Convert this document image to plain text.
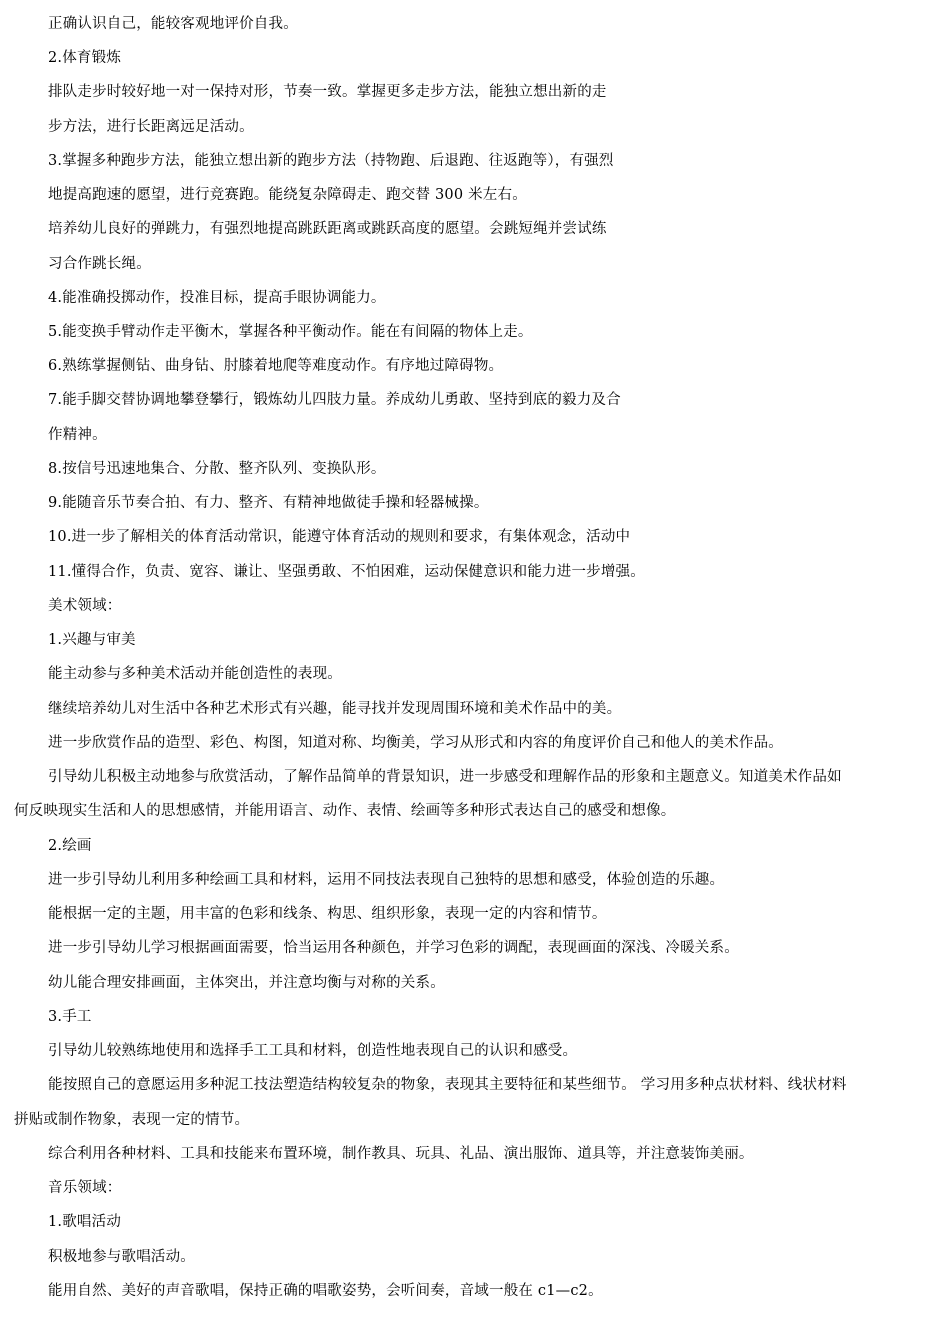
正确认识自己，能较客观地评价自我。
2.体育锻炼
排队走步时较好地一对一保持对形，节奏一致。掌握更多走步方法，能独立想出新的走
步方法，进行长距离远足活动。
3.掌握多种跑步方法，能独立想出新的跑步方法（持物跑、后退跑、往返跑等），有强烈
地提高跑速的愿望，进行竞赛跑。能绕复杂障碍走、跑交替 300 米左右。
培养幼儿良好的弹跳力，有强烈地提高跳跃距离或跳跃高度的愿望。会跳短绳并尝试练
习合作跳长绳。
4.能准确投掷动作，投准目标，提高手眼协调能力。
5.能变换手臂动作走平衡木，掌握各种平衡动作。能在有间隔的物体上走。
6.熟练掌握侧钻、曲身钻、肘膝着地爬等难度动作。有序地过障碍物。
7.能手脚交替协调地攀登攀行，锻炼幼儿四肢力量。养成幼儿勇敢、坚持到底的毅力及合
作精神。
8.按信号迅速地集合、分散、整齐队列、变换队形。
9.能随音乐节奏合拍、有力、整齐、有精神地做徒手操和轻器械操。
10.进一步了解相关的体育活动常识，能遵守体育活动的规则和要求，有集体观念，活动中
11.懂得合作，负责、宽容、谦让、坚强勇敢、不怕困难，运动保健意识和能力进一步增强。
美术领域：
1.兴趣与审美
能主动参与多种美术活动并能创造性的表现。
继续培养幼儿对生活中各种艺术形式有兴趣，能寻找并发现周围环境和美术作品中的美。
进一步欣赏作品的造型、彩色、构图，知道对称、均衡美，学习从形式和内容的角度评价自己和他人的美术作品。
引导幼儿积极主动地参与欣赏活动，了解作品简单的背景知识，进一步感受和理解作品的形象和主题意义。知道美术作品如
何反映现实生活和人的思想感情，并能用语言、动作、表情、绘画等多种形式表达自己的感受和想像。
2.绘画
进一步引导幼儿利用多种绘画工具和材料，运用不同技法表现自己独特的思想和感受，体验创造的乐趣。
能根据一定的主题，用丰富的色彩和线条、构思、组织形象，表现一定的内容和情节。
进一步引导幼儿学习根据画面需要，恰当运用各种颜色，并学习色彩的调配，表现画面的深浅、冷暖关系。
幼儿能合理安排画面，主体突出，并注意均衡与对称的关系。
3.手工
引导幼儿较熟练地使用和选择手工工具和材料，创造性地表现自己的认识和感受。
能按照自己的意愿运用多种泥工技法塑造结构较复杂的物象，表现其主要特征和某些细节。 学习用多种点状材料、线状材料
拼贴或制作物象，表现一定的情节。
综合利用各种材料、工具和技能来布置环境，制作教具、玩具、礼品、演出服饰、道具等，并注意装饰美丽。
音乐领域：
1.歌唱活动
积极地参与歌唱活动。
能用自然、美好的声音歌唱，保持正确的唱歌姿势，会听间奏，音域一般在 c1—c2。
